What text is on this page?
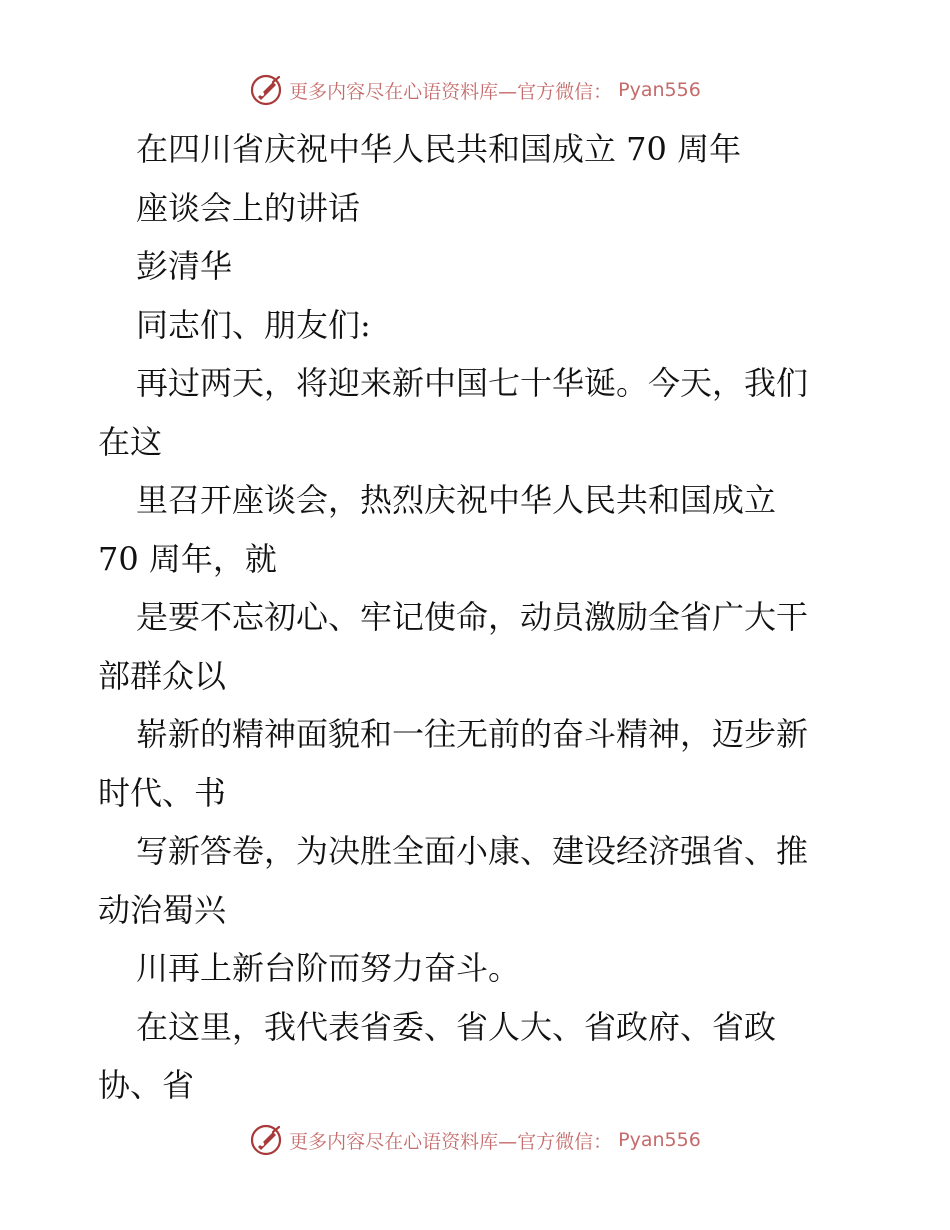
更多内容尽在心语资料库—官方微信： Pyan556
在四川省庆祝中华人民共和国成立 70 周年
座谈会上的讲话
彭清华
同志们、朋友们:
再过两天，将迎来新中国七十华诞。今天，我们
在这
里召开座谈会，热烈庆祝中华人民共和国成立
70 周年，就
是要不忘初心、牢记使命，动员激励全省广大干
部群众以
崭新的精神面貌和一往无前的奋斗精神，迈步新
时代、书
写新答卷，为决胜全面小康、建设经济强省、推
动治蜀兴
川再上新台阶而努力奋斗。
在这里，我代表省委、省人大、省政府、省政
协、省
更多内容尽在心语资料库—官方微信： Pyan556
